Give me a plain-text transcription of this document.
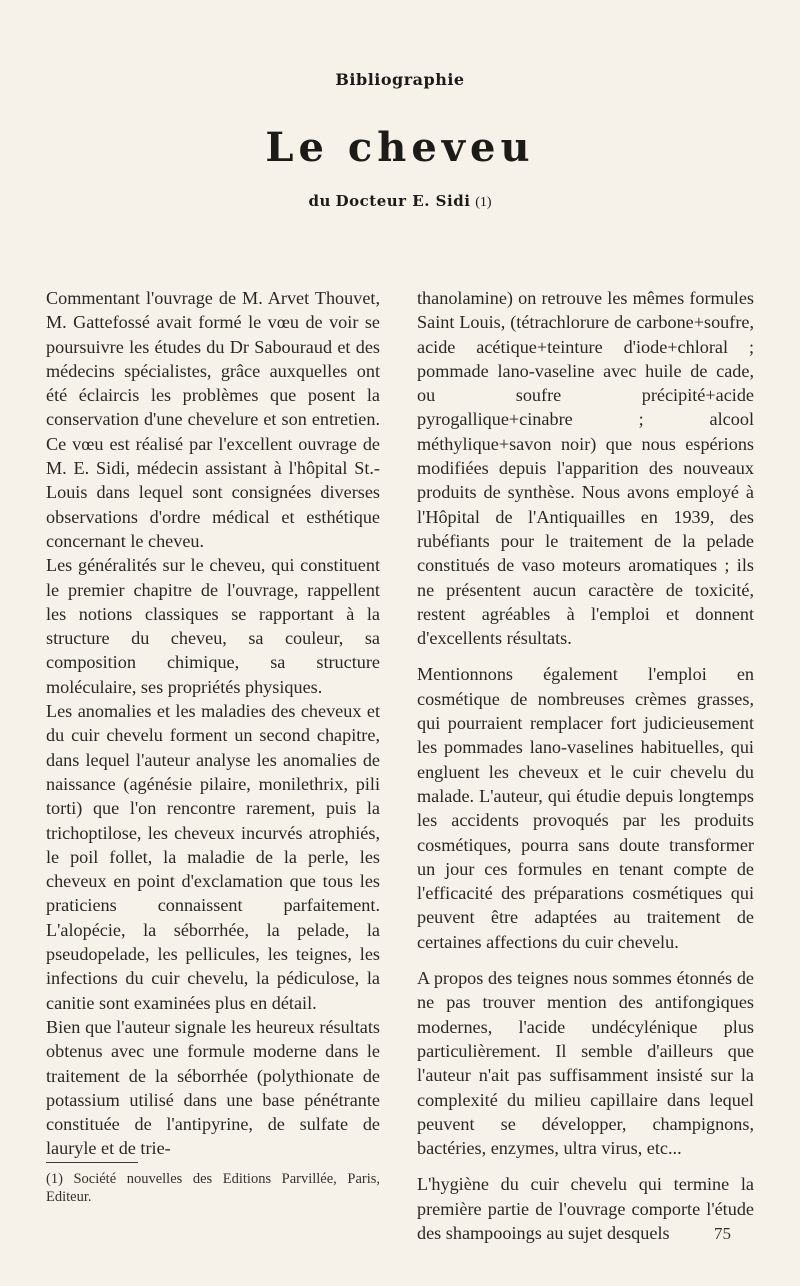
Bibliographie
Le cheveu
du Docteur E. Sidi (1)

Commentant l'ouvrage de M. Arvet Thouvet, M. Gattefossé avait formé le vœu de voir se poursuivre les études du Dr Sabouraud et des médecins spécialistes, grâce auxquelles ont été éclaircis les problèmes que posent la conservation d'une chevelure et son entretien. Ce vœu est réalisé par l'excellent ouvrage de M. E. Sidi, médecin assistant à l'hôpital St.-Louis dans lequel sont consignées diverses observations d'ordre médical et esthétique concernant le cheveu.

Les généralités sur le cheveu, qui constituent le premier chapitre de l'ouvrage, rappellent les notions classiques se rapportant à la structure du cheveu, sa couleur, sa composition chimique, sa structure moléculaire, ses propriétés physiques.

Les anomalies et les maladies des cheveux et du cuir chevelu forment un second chapitre, dans lequel l'auteur analyse les anomalies de naissance (agénésie pilaire, monilethrix, pili torti) que l'on rencontre rarement, puis la trichoptilose, les cheveux incurvés atrophiés, le poil follet, la maladie de la perle, les cheveux en point d'exclamation que tous les praticiens connaissent parfaitement. L'alopécie, la séborrhée, la pelade, la pseudopelade, les pellicules, les teignes, les infections du cuir chevelu, la pédiculose, la canitie sont examinées plus en détail.

Bien que l'auteur signale les heureux résultats obtenus avec une formule moderne dans le traitement de la séborrhée (polythionate de potassium utilisé dans une base pénétrante constituée de l'antipyrine, de sulfate de lauryle et de trie-

thanolamine) on retrouve les mêmes formules Saint Louis, (tétrachlorure de carbone+soufre, acide acétique+teinture d'iode+chloral ; pommade lano-vaseline avec huile de cade, ou soufre précipité+acide pyrogallique+cinabre ; alcool méthylique+savon noir) que nous espérions modifiées depuis l'apparition des nouveaux produits de synthèse. Nous avons employé à l'Hôpital de l'Antiquailles en 1939, des rubéfiants pour le traitement de la pelade constitués de vaso moteurs aromatiques ; ils ne présentent aucun caractère de toxicité, restent agréables à l'emploi et donnent d'excellents résultats.

Mentionnons également l'emploi en cosmétique de nombreuses crèmes grasses, qui pourraient remplacer fort judicieusement les pommades lano-vaselines habituelles, qui engluent les cheveux et le cuir chevelu du malade. L'auteur, qui étudie depuis longtemps les accidents provoqués par les produits cosmétiques, pourra sans doute transformer un jour ces formules en tenant compte de l'efficacité des préparations cosmétiques qui peuvent être adaptées au traitement de certaines affections du cuir chevelu.

A propos des teignes nous sommes étonnés de ne pas trouver mention des antifongiques modernes, l'acide undécylénique plus particulièrement. Il semble d'ailleurs que l'auteur n'ait pas suffisamment insisté sur la complexité du milieu capillaire dans lequel peuvent se développer, champignons, bactéries, enzymes, ultra virus, etc...

L'hygiène du cuir chevelu qui termine la première partie de l'ouvrage comporte l'étude des shampooings au sujet desquels

(1) Société nouvelles des Editions Parvillée, Paris, Editeur.
75
